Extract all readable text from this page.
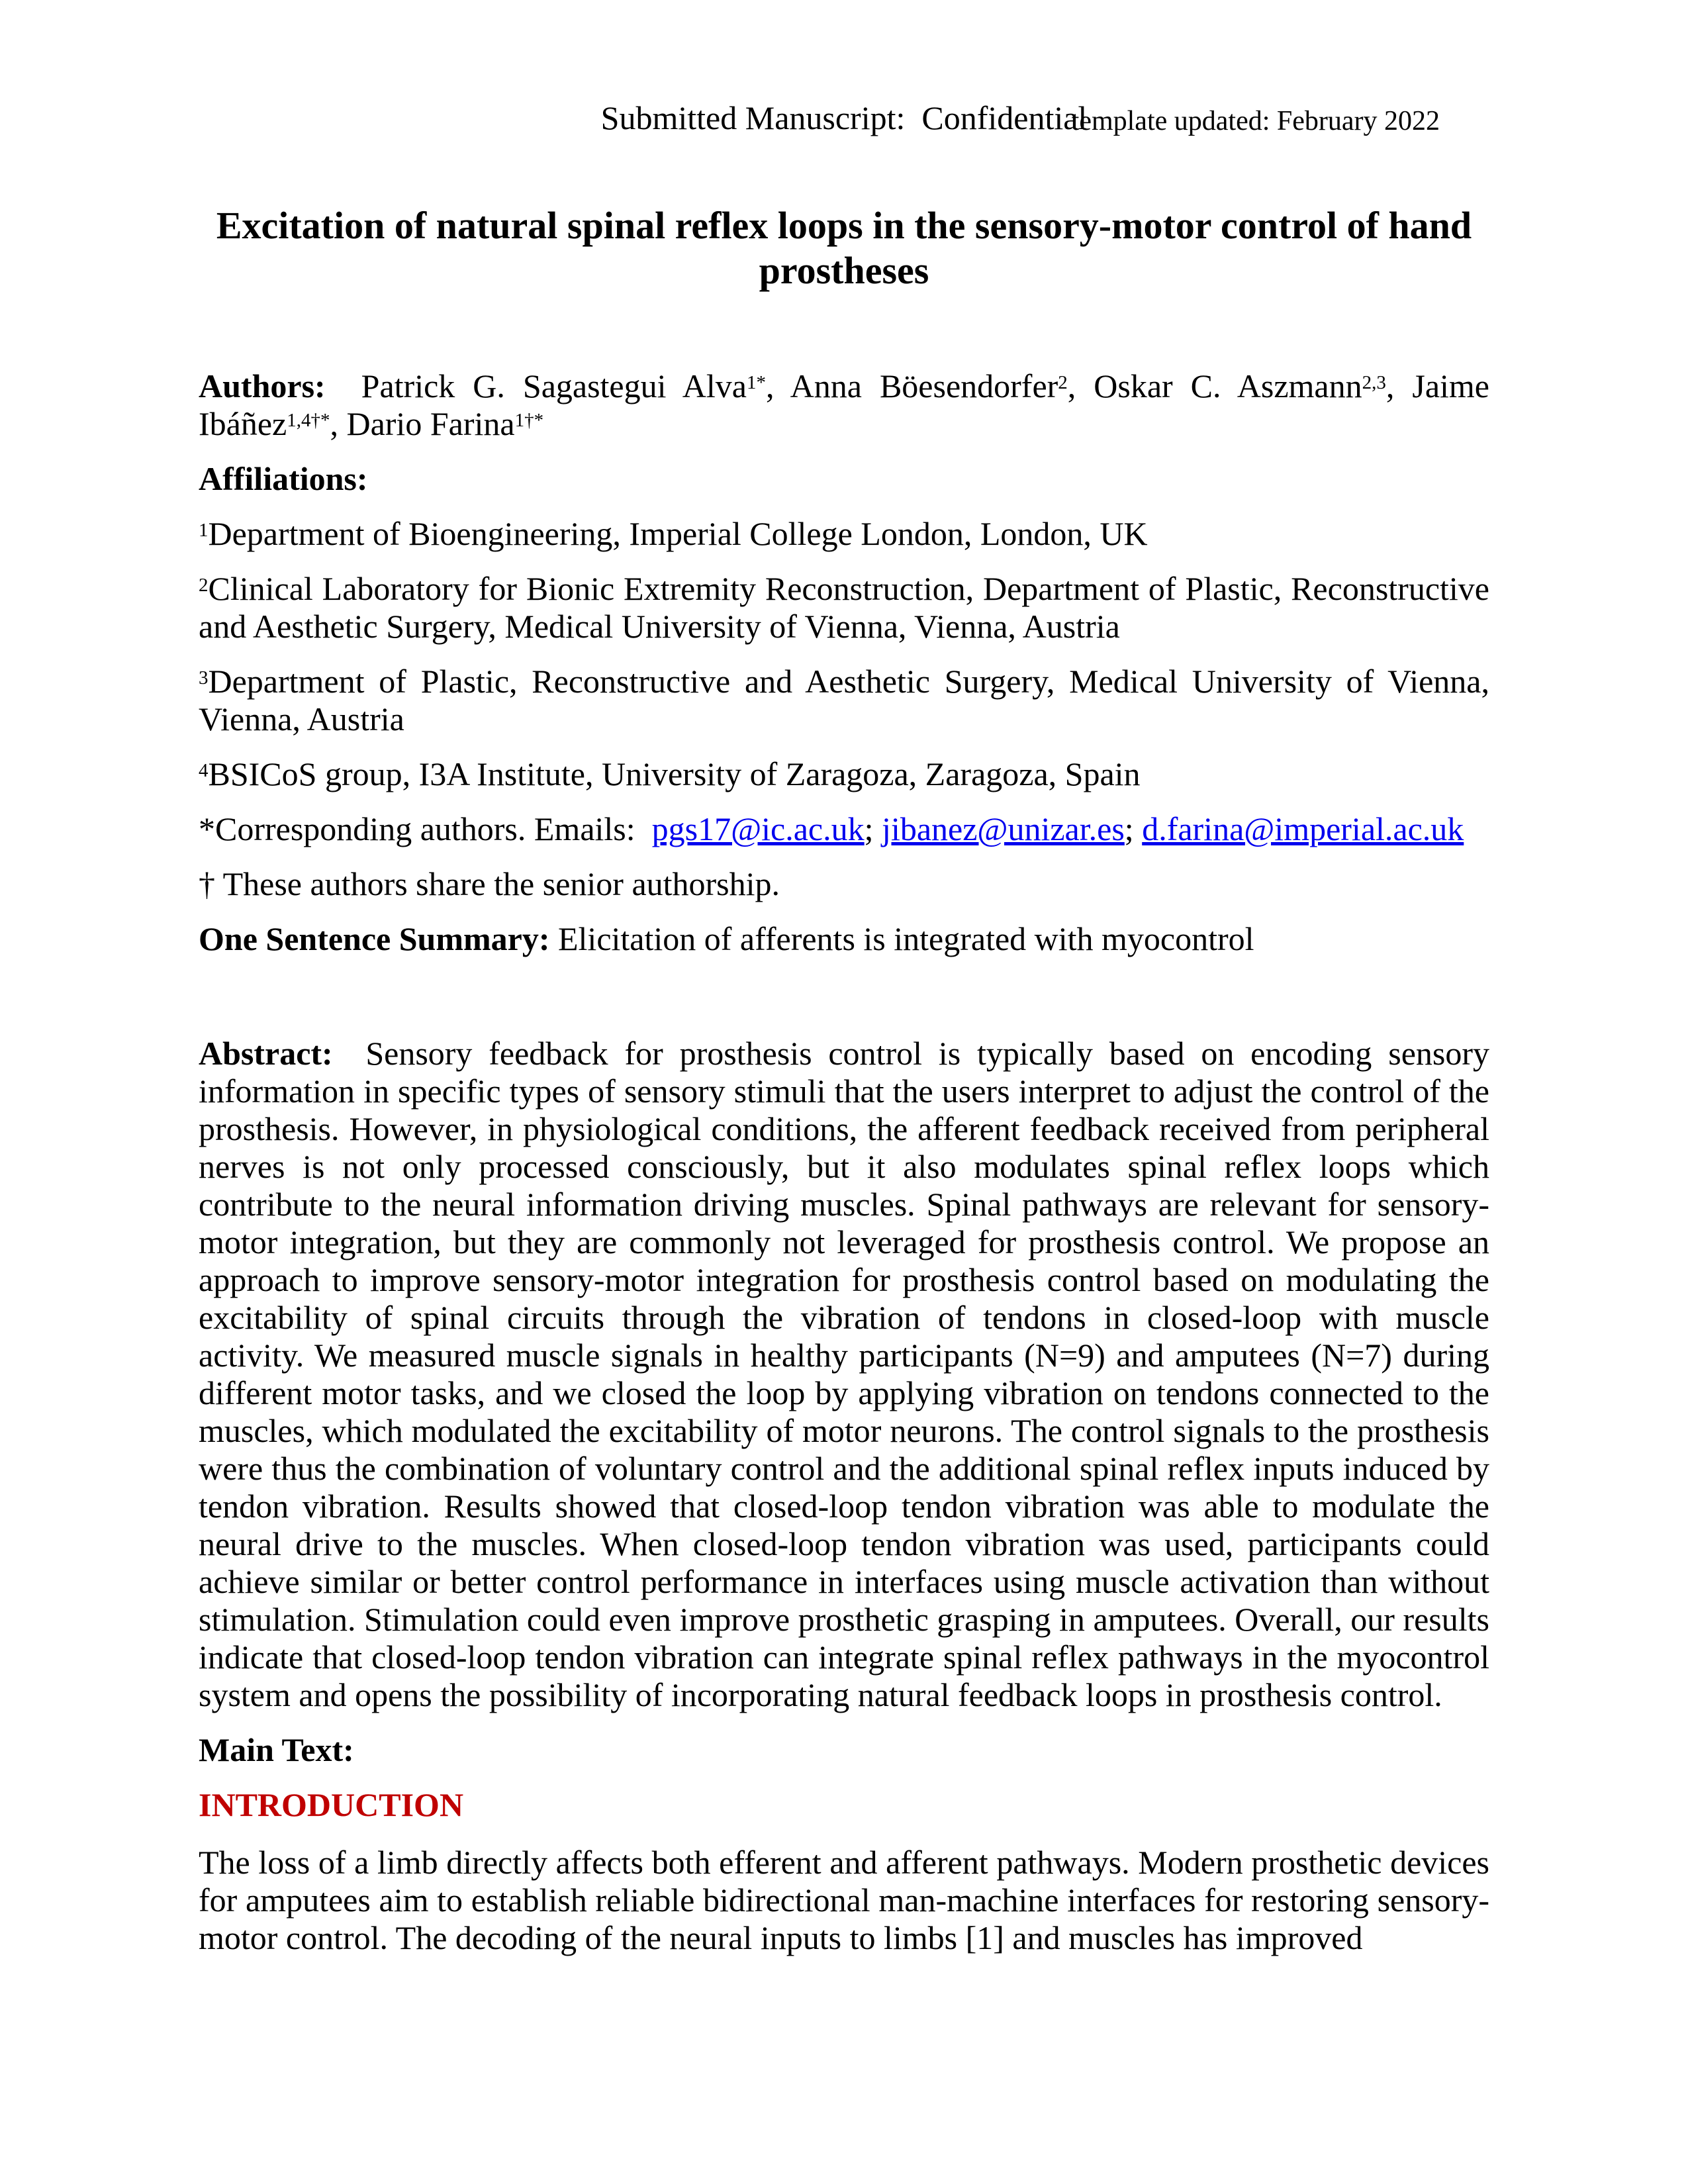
Submitted Manuscript:  Confidential
template updated: February 2022
Excitation of natural spinal reflex loops in the sensory-motor control of hand prostheses

Authors:  Patrick G. Sagastegui Alva$^{1*}$, Anna Böesendorfer$^2$, Oskar C. Aszmann$^{2,3}$, Jaime Ibáñez$^{1,4\dagger*}$, Dario Farina$^{1\dagger*}$

Affiliations:

$^1$Department of Bioengineering, Imperial College London, London, UK

$^2$Clinical Laboratory for Bionic Extremity Reconstruction, Department of Plastic, Reconstructive and Aesthetic Surgery, Medical University of Vienna, Vienna, Austria

$^3$Department of Plastic, Reconstructive and Aesthetic Surgery, Medical University of Vienna, Vienna, Austria

$^4$BSICoS group, I3A Institute, University of Zaragoza, Zaragoza, Spain

*Corresponding authors. Emails:  pgs17@ic.ac.uk; jibanez@unizar.es; d.farina@imperial.ac.uk

† These authors share the senior authorship.

One Sentence Summary: Elicitation of afferents is integrated with myocontrol

Abstract:  Sensory feedback for prosthesis control is typically based on encoding sensory information in specific types of sensory stimuli that the users interpret to adjust the control of the prosthesis. However, in physiological conditions, the afferent feedback received from peripheral nerves is not only processed consciously, but it also modulates spinal reflex loops which contribute to the neural information driving muscles. Spinal pathways are relevant for sensory-motor integration, but they are commonly not leveraged for prosthesis control. We propose an approach to improve sensory-motor integration for prosthesis control based on modulating the excitability of spinal circuits through the vibration of tendons in closed-loop with muscle activity. We measured muscle signals in healthy participants (N=9) and amputees (N=7) during different motor tasks, and we closed the loop by applying vibration on tendons connected to the muscles, which modulated the excitability of motor neurons. The control signals to the prosthesis were thus the combination of voluntary control and the additional spinal reflex inputs induced by tendon vibration. Results showed that closed-loop tendon vibration was able to modulate the neural drive to the muscles. When closed-loop tendon vibration was used, participants could achieve similar or better control performance in interfaces using muscle activation than without stimulation. Stimulation could even improve prosthetic grasping in amputees. Overall, our results indicate that closed-loop tendon vibration can integrate spinal reflex pathways in the myocontrol system and opens the possibility of incorporating natural feedback loops in prosthesis control.

Main Text:

INTRODUCTION

The loss of a limb directly affects both efferent and afferent pathways. Modern prosthetic devices for amputees aim to establish reliable bidirectional man-machine interfaces for restoring sensory-motor control. The decoding of the neural inputs to limbs [1] and muscles has improved
